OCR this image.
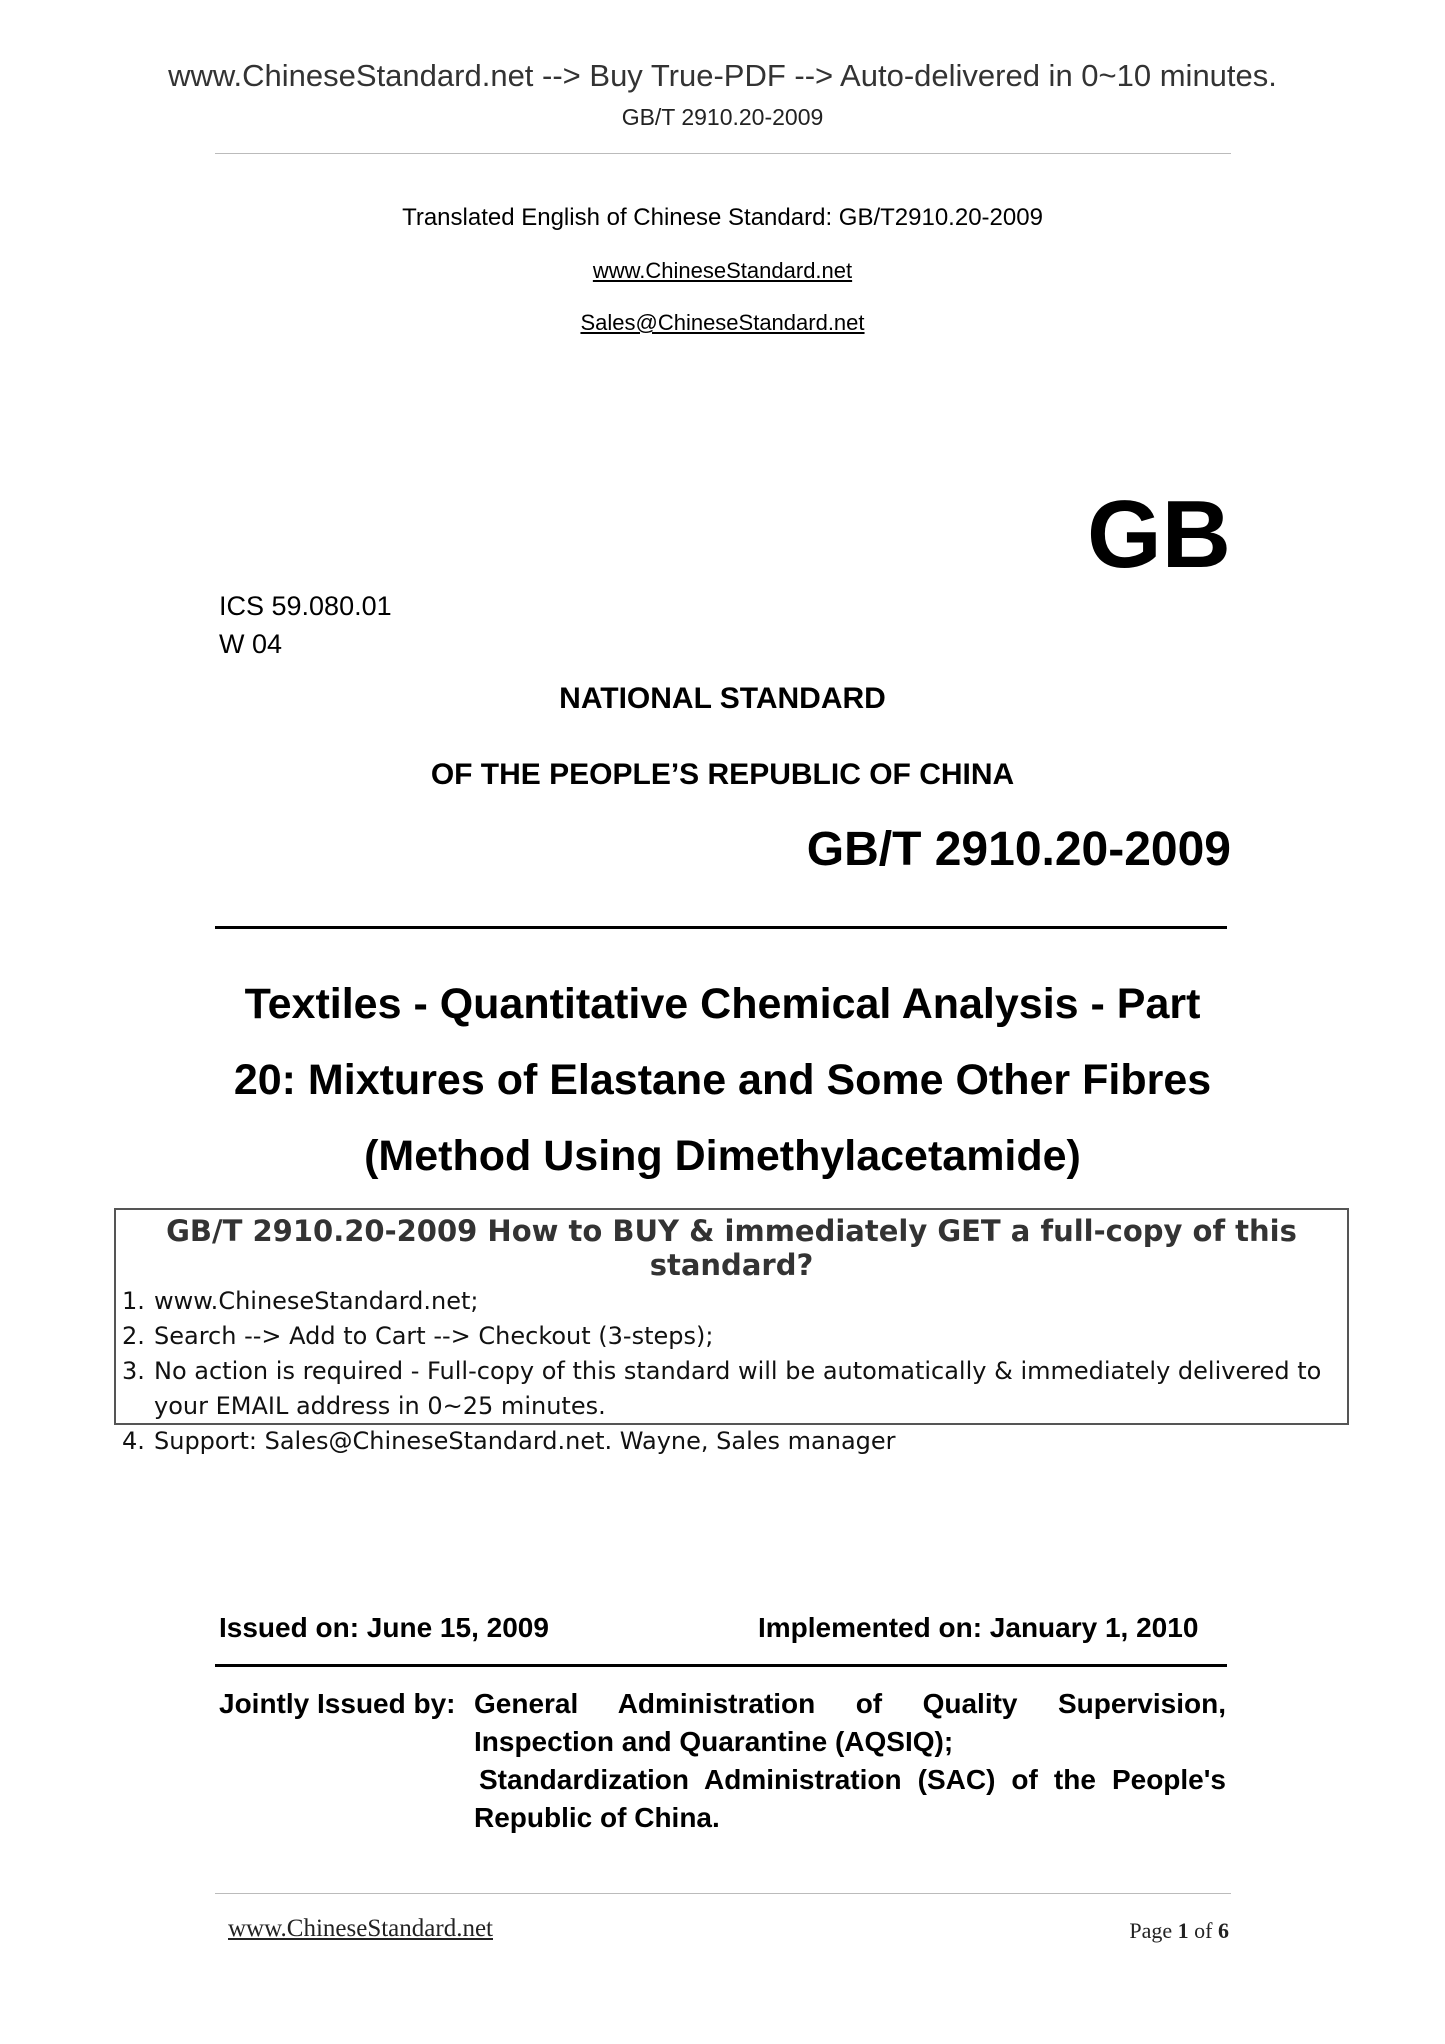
www.ChineseStandard.net --> Buy True-PDF --> Auto-delivered in 0~10 minutes.
GB/T 2910.20-2009
Translated English of Chinese Standard: GB/T2910.20-2009
www.ChineseStandard.net
Sales@ChineseStandard.net
GB
ICS 59.080.01
W 04
NATIONAL STANDARD
OF THE PEOPLE’S REPUBLIC OF CHINA
GB/T 2910.20-2009
Textiles - Quantitative Chemical Analysis - Part
20: Mixtures of Elastane and Some Other Fibres
(Method Using Dimethylacetamide)
GB/T 2910.20-2009 How to BUY & immediately GET a full-copy of this standard?
1. www.ChineseStandard.net;
2. Search --> Add to Cart --> Checkout (3-steps);
3. No action is required - Full-copy of this standard will be automatically & immediately delivered to your EMAIL address in 0~25 minutes.
4. Support: Sales@ChineseStandard.net. Wayne, Sales manager
Issued on: June 15, 2009	Implemented on: January 1, 2010
Jointly Issued by: General Administration of Quality Supervision,
Inspection and Quarantine (AQSIQ);
Standardization Administration (SAC) of the People's
Republic of China.
www.ChineseStandard.net	Page 1 of 6
